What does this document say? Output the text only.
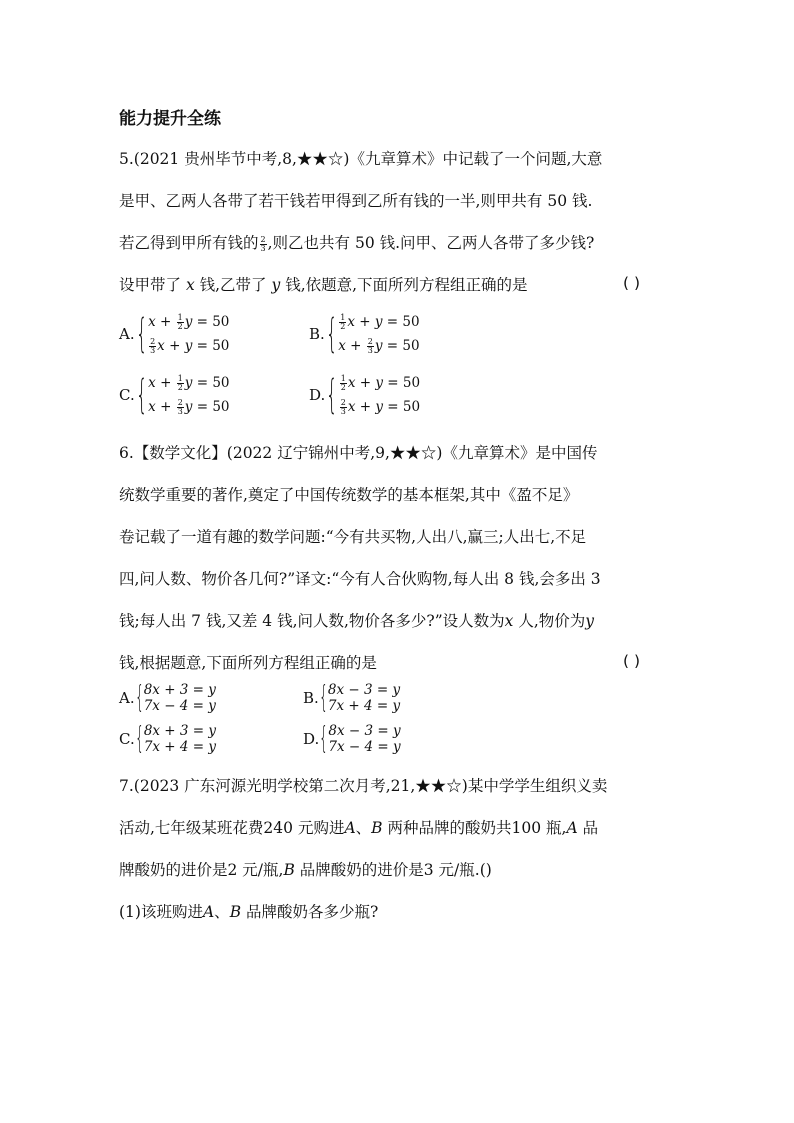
能力提升全练
5.(2021 贵州毕节中考,8,★★☆)《九章算术》中记载了一个问题,大意
是甲、乙两人各带了若干钱若甲得到乙所有钱的一半,则甲共有 50 钱.
若乙得到甲所有钱的 $\frac{2}{3}$ ,则乙也共有 50 钱.问甲、乙两人各带了多少钱?
设甲带了 x 钱,乙带了 y 钱,依题意,下面所列方程组正确的是	( )
A. { $x + \frac{1}{2}$ y = 50
$\frac{2}{3}$ x + y = 50
B. { $\frac{1}{2}$ x + y = 50
$x + \frac{2}{3}$ y = 50
C. { $x + \frac{1}{2}$ y = 50
$x + \frac{2}{3}$ y = 50
D. { $\frac{1}{2}$ x + y = 50
$\frac{2}{3}$ x + y = 50
6.【数学文化】(2022 辽宁锦州中考,9,★★☆)《九章算术》是中国传
统数学重要的著作,奠定了中国传统数学的基本框架,其中《盈不足》
卷记载了一道有趣的数学问题:“今有共买物,人出八,赢三;人出七,不足
四,问人数、物价各几何?”译文:“今有人合伙购物,每人出 8 钱,会多出 3
钱;每人出 7 钱,又差 4 钱,问人数,物价各多少?”设人数为x 人,物价为y
钱,根据题意,下面所列方程组正确的是	( )
A. { 8x + 3 = y
7x − 4 = y	B. { 8x − 3 = y
7x + 4 = y
C. { 8x + 3 = y
7x + 4 = y	D. { 8x − 3 = y
7x − 4 = y
7.(2023 广东河源光明学校第二次月考,21,★★☆)某中学学生组织义卖
活动,七年级某班花费240 元购进A、B 两种品牌的酸奶共100 瓶,A 品
牌酸奶的进价是2 元/瓶,B 品牌酸奶的进价是3 元/瓶.()
(1)该班购进A、B 品牌酸奶各多少瓶?
